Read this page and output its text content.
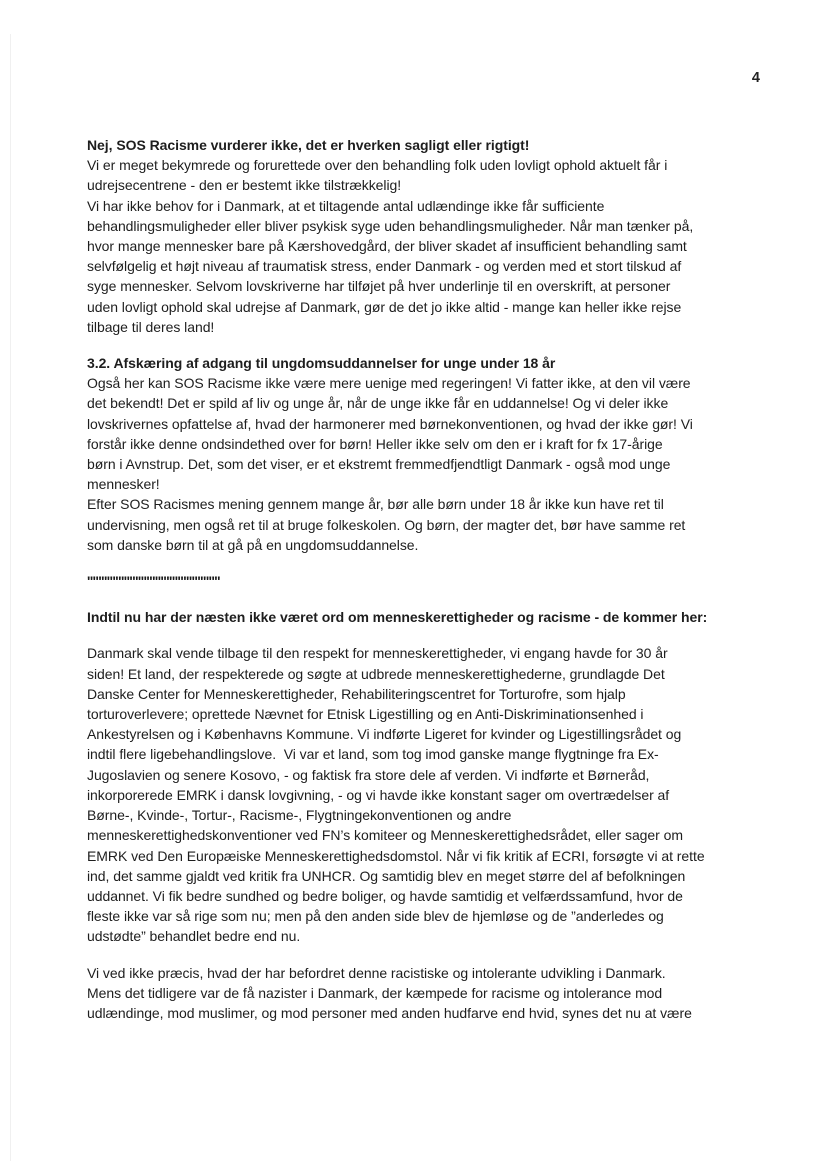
4
Nej, SOS Racisme vurderer ikke, det er hverken sagligt eller rigtigt!
Vi er meget bekymrede og forurettede over den behandling folk uden lovligt ophold aktuelt får i
udrejsecentrene - den er bestemt ikke tilstrækkelig!
Vi har ikke behov for i Danmark, at et tiltagende antal udlændinge ikke får sufficiente
behandlingsmuligheder eller bliver psykisk syge uden behandlingsmuligheder. Når man tænker på,
hvor mange mennesker bare på Kærshovedgård, der bliver skadet af insufficient behandling samt
selvfølgelig et højt niveau af traumatisk stress, ender Danmark - og verden med et stort tilskud af
syge mennesker. Selvom lovskriverne har tilføjet på hver underlinje til en overskrift, at personer
uden lovligt ophold skal udrejse af Danmark, gør de det jo ikke altid - mange kan heller ikke rejse
tilbage til deres land!
3.2. Afskæring af adgang til ungdomsuddannelser for unge under 18 år
Også her kan SOS Racisme ikke være mere uenige med regeringen! Vi fatter ikke, at den vil være
det bekendt! Det er spild af liv og unge år, når de unge ikke får en uddannelse! Og vi deler ikke
lovskrivernes opfattelse af, hvad der harmonerer med børnekonventionen, og hvad der ikke gør! Vi
forstår ikke denne ondsindethed over for børn! Heller ikke selv om den er i kraft for fx 17-årige
børn i Avnstrup. Det, som det viser, er et ekstremt fremmedfjendtligt Danmark - også mod unge
mennesker!
Efter SOS Racismes mening gennem mange år, bør alle børn under 18 år ikke kun have ret til
undervisning, men også ret til at bruge folkeskolen. Og børn, der magter det, bør have samme ret
som danske børn til at gå på en ungdomsuddannelse.
'''''''''''''''''''''''''''''''''''''''''''''''
Indtil nu har der næsten ikke været ord om menneskerettigheder og racisme - de kommer her:
Danmark skal vende tilbage til den respekt for menneskerettigheder, vi engang havde for 30 år
siden! Et land, der respekterede og søgte at udbrede menneskerettighederne, grundlagde Det
Danske Center for Menneskerettigheder, Rehabiliteringscentret for Torturofre, som hjalp
torturoverlevere; oprettede Nævnet for Etnisk Ligestilling og en Anti-Diskriminationsenhed i
Ankestyrelsen og i Københavns Kommune. Vi indførte Ligeret for kvinder og Ligestillingsrådet og
indtil flere ligebehandlingslove.  Vi var et land, som tog imod ganske mange flygtninge fra Ex-
Jugoslavien og senere Kosovo, - og faktisk fra store dele af verden. Vi indførte et Børneråd,
inkorporerede EMRK i dansk lovgivning, - og vi havde ikke konstant sager om overtrædelser af
Børne-, Kvinde-, Tortur-, Racisme-, Flygtningekonventionen og andre
menneskerettighedskonventioner ved FN’s komiteer og Menneskerettighedsrådet, eller sager om
EMRK ved Den Europæiske Menneskerettighedsdomstol. Når vi fik kritik af ECRI, forsøgte vi at rette
ind, det samme gjaldt ved kritik fra UNHCR. Og samtidig blev en meget større del af befolkningen
uddannet. Vi fik bedre sundhed og bedre boliger, og havde samtidig et velfærdssamfund, hvor de
fleste ikke var så rige som nu; men på den anden side blev de hjemløse og de ”anderledes og
udstødte” behandlet bedre end nu.
Vi ved ikke præcis, hvad der har befordret denne racistiske og intolerante udvikling i Danmark.
Mens det tidligere var de få nazister i Danmark, der kæmpede for racisme og intolerance mod
udlændinge, mod muslimer, og mod personer med anden hudfarve end hvid, synes det nu at være
